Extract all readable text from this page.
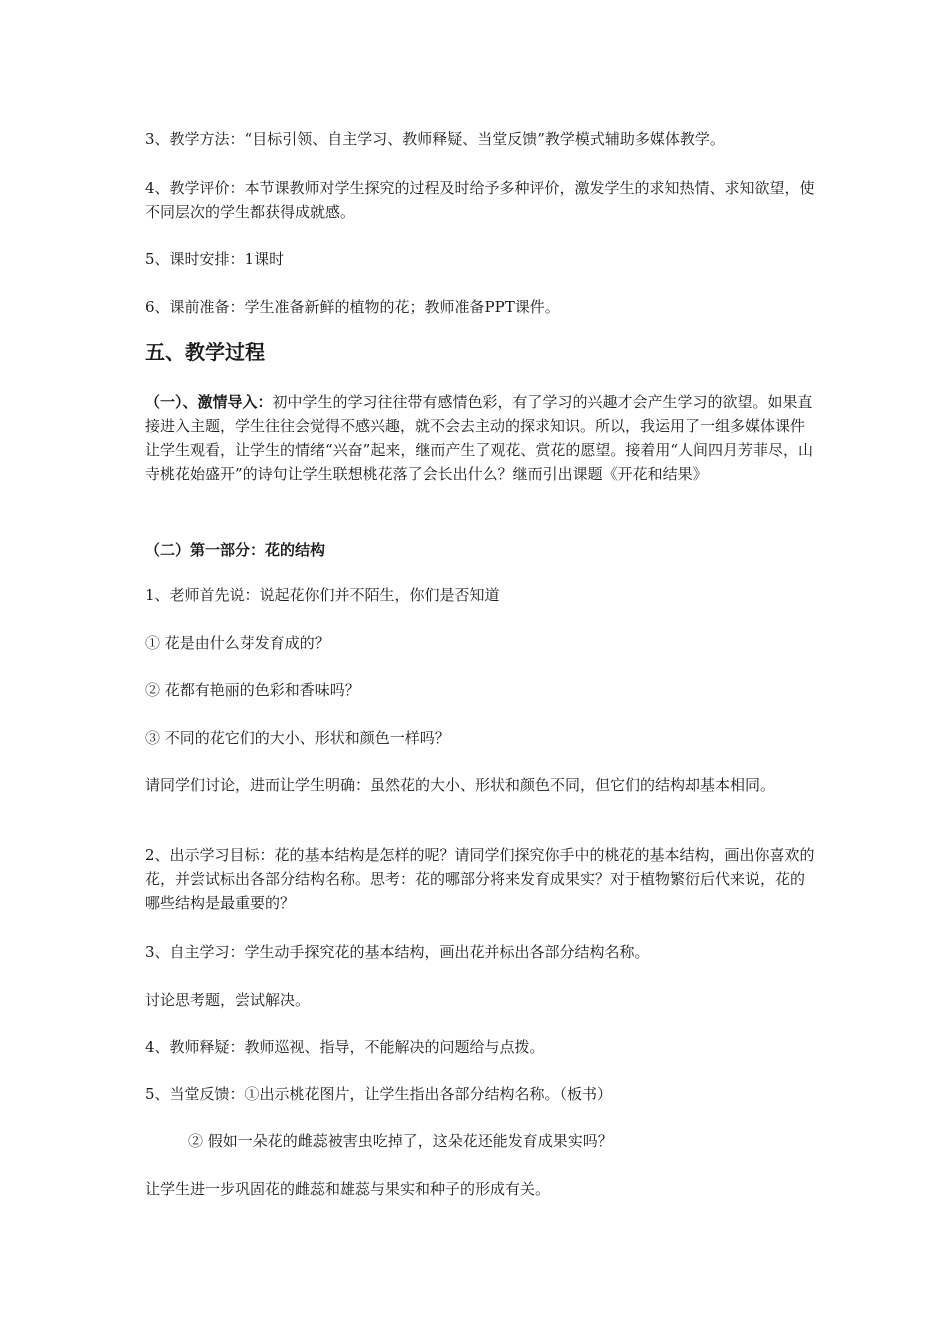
3、教学方法：“目标引领、自主学习、教师释疑、当堂反馈”教学模式辅助多媒体教学。

4、教学评价：本节课教师对学生探究的过程及时给予多种评价，激发学生的求知热情、求知欲望，使不同层次的学生都获得成就感。

5、课时安排：1课时

6、课前准备：学生准备新鲜的植物的花；教师准备PPT课件。

五、教学过程

（一）、激情导入：初中学生的学习往往带有感情色彩，有了学习的兴趣才会产生学习的欲望。如果直接进入主题，学生往往会觉得不感兴趣，就不会去主动的探求知识。所以，我运用了一组多媒体课件让学生观看，让学生的情绪“兴奋”起来，继而产生了观花、赏花的愿望。接着用“人间四月芳菲尽，山寺桃花始盛开”的诗句让学生联想桃花落了会长出什么？继而引出课题《开花和结果》

（二）第一部分：花的结构

1、老师首先说：说起花你们并不陌生，你们是否知道

① 花是由什么芽发育成的？

② 花都有艳丽的色彩和香味吗？

③ 不同的花它们的大小、形状和颜色一样吗？

请同学们讨论，进而让学生明确：虽然花的大小、形状和颜色不同，但它们的结构却基本相同。

2、出示学习目标：花的基本结构是怎样的呢？请同学们探究你手中的桃花的基本结构，画出你喜欢的花，并尝试标出各部分结构名称。思考：花的哪部分将来发育成果实？对于植物繁衍后代来说，花的哪些结构是最重要的？

3、自主学习：学生动手探究花的基本结构，画出花并标出各部分结构名称。

讨论思考题，尝试解决。

4、教师释疑：教师巡视、指导，不能解决的问题给与点拨。

5、当堂反馈：①出示桃花图片，让学生指出各部分结构名称。（板书）

② 假如一朵花的雌蕊被害虫吃掉了，这朵花还能发育成果实吗？

让学生进一步巩固花的雌蕊和雄蕊与果实和种子的形成有关。
